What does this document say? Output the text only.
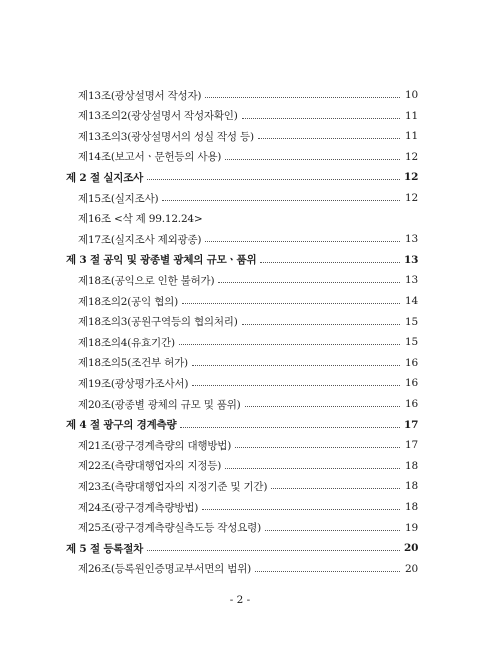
제13조(광상설명서 작성자)	10
제13조의2(광상설명서 작성자확인)	11
제13조의3(광상설명서의 성실 작성 등)	11
제14조(보고서ㆍ문헌등의 사용)	12
제 2 절 실지조사	12
제15조(실지조사)	12
제16조 <삭 제 99.12.24>
제17조(실지조사 제외광종)	13
제 3 절 공익 및 광종별 광체의 규모ㆍ품위	13
제18조(공익으로 인한 불허가)	13
제18조의2(공익 협의)	14
제18조의3(공원구역등의 협의처리)	15
제18조의4(유효기간)	15
제18조의5(조건부 허가)	16
제19조(광상평가조사서)	16
제20조(광종별 광체의 규모 및 품위)	16
제 4 절 광구의 경계측량	17
제21조(광구경계측량의 대행방법)	17
제22조(측량대행업자의 지정등)	18
제23조(측량대행업자의 지정기준 및 기간)	18
제24조(광구경계측량방법)	18
제25조(광구경계측량실측도등 작성요령)	19
제 5 절 등록절차	20
제26조(등록원인증명교부서면의 범위)	20
- 2 -
